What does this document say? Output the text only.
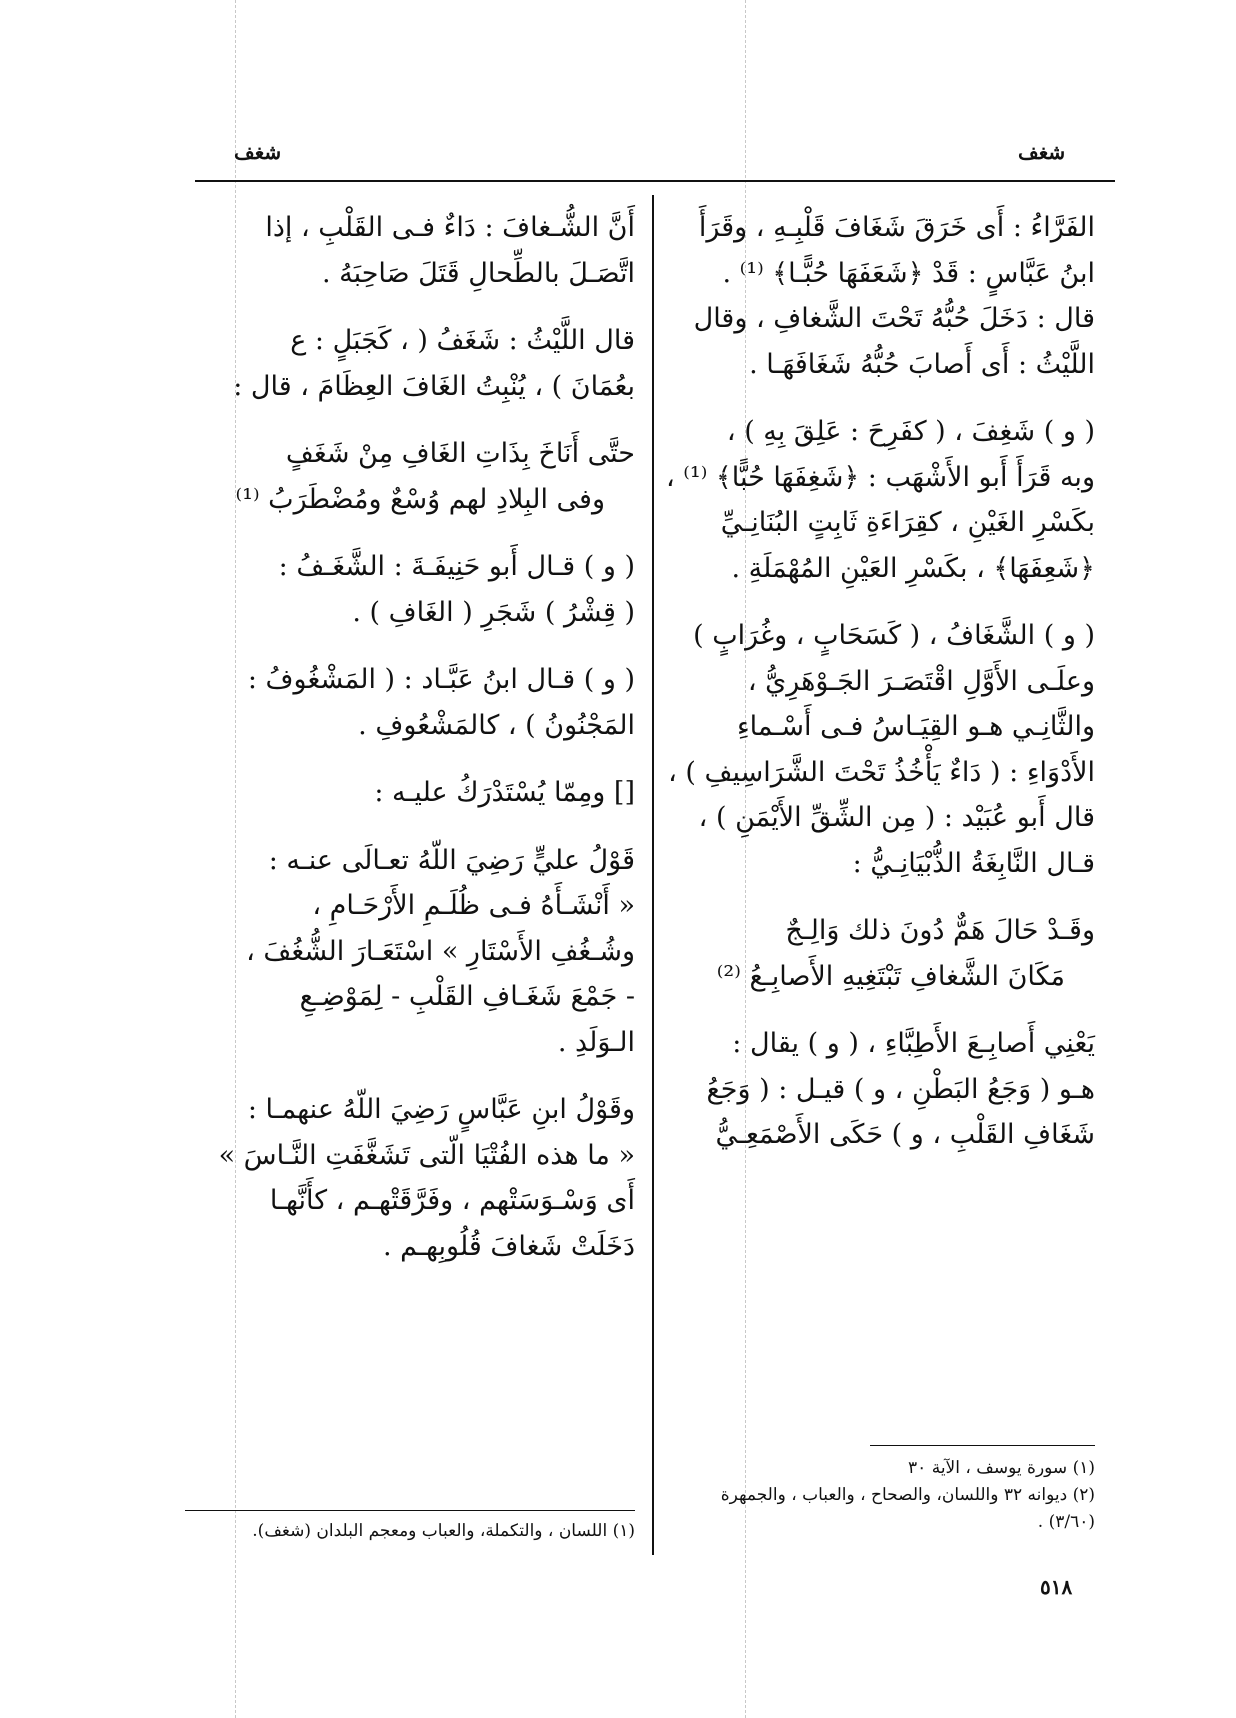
شغف	شغف
الفَرَّاءُ : أَى خَرَقَ شَغَافَ قَلْبِـهِ ، وقَرَأَ
ابنُ عَبَّاسٍ : قَدْ ﴿شَعَفَهَا حُبًّـا﴾ ⁽¹⁾ .
قال : دَخَلَ حُبُّهُ تَحْتَ الشَّغافِ ، وقال
اللَّيْثُ : أَى أَصابَ حُبُّهُ شَغَافَهَـا .
( و ) شَغِفَ ، ( كفَرِحَ : عَلِقَ بِهِ ) ،
وبه قَرَأَ أَبو الأَشْهَب : ﴿شَغِفَهَا حُبًّا﴾ ⁽¹⁾ ،
بكَسْرِ الغَيْنِ ، كقِرَاءَةِ ثَابِتٍ البُنَانِـيِّ
﴿شَعِفَهَا﴾ ، بكَسْرِ العَيْنِ المُهْمَلَةِ .
( و ) الشَّغَافُ ، ( كَسَحَابٍ ، وغُرَابٍ )
وعلَـى الأَوَّلِ اقْتَصَـرَ الجَـوْهَرِيُّ ،
والثَّانِـي هـو القِيَـاسُ فـى أَسْـماءِ
الأَدْوَاءِ : ( دَاءٌ يَأْخُذُ تَحْتَ الشَّرَاسِيفِ ) ،
قال أَبو عُبَيْد : ( مِن الشِّقِّ الأَيْمَنِ ) ،
قـال النَّابِغَةُ الذُّبْيَانِـيُّ :
وقَـدْ حَالَ هَمٌّ دُونَ ذلك وَالِـجٌ
مَكَانَ الشَّغافِ تَبْتَغِيهِ الأَصابِـعُ ⁽²⁾
يَعْنِي أَصابِـعَ الأَطِبَّاءِ ، ( و ) يقال :
هـو ( وَجَعُ البَطْنِ ، و ) قيـل : ( وَجَعُ
شَغَافِ القَلْبِ ، و ) حَكَى الأَصْمَعِـيُّ
أَنَّ الشُّـغافَ : دَاءٌ فـى القَلْبِ ، إذا
اتَّصَـلَ بالطِّحالِ قَتَلَ صَاحِبَهُ .
قال اللَّيْثُ : شَغَفُ ( ، كَجَبَلٍ : ع
بعُمَانَ ) ، يُنْبِتُ الغَافَ العِظَامَ ، قال :
حتَّى أَنَاخَ بِذَاتِ الغَافِ مِنْ شَغَفٍ
وفى البِلادِ لهم وُسْعٌ ومُضْطَرَبُ ⁽¹⁾
( و ) قـال أَبو حَنِيفَـةَ : الشَّغَـفُ :
( قِشْرُ ) شَجَرِ ( الغَافِ ) .
( و ) قـال ابنُ عَبَّـاد : ( المَشْغُوفُ :
المَجْنُونُ ) ، كالمَشْعُوفِ .
[] ومِمّا يُسْتَدْرَكُ عليـه :
قَوْلُ عليٍّ رَضِيَ اللّهُ تعـالَى عنـه :
« أَنْشَـأَهُ فـى ظُلَـمِ الأَرْحَـامِ ،
وشُـغُفِ الأَسْتَارِ » اسْتَعَـارَ الشُّغُفَ ،
- جَمْعَ شَغَـافِ القَلْبِ - لِمَوْضِـعِ
الـوَلَدِ .
وقَوْلُ ابنِ عَبَّاسٍ رَضِيَ اللّهُ عنهمـا :
« ما هذه الفُتْيَا الّتى تَشَغَّفَتِ النَّـاسَ »
أَى وَسْـوَسَتْهم ، وفَرَّقَتْهـم ، كأَنَّهـا
دَخَلَتْ شَغافَ قُلُوبِهـم .
(١) سورة يوسف ، الآية ٣٠
(٢) ديوانه ٣٢ واللسان، والصحاح ، والعباب ، والجمهرة
(٣/٦٠) .
(١) اللسان ، والتكملة، والعباب ومعجم البلدان (شغف).
٥١٨
